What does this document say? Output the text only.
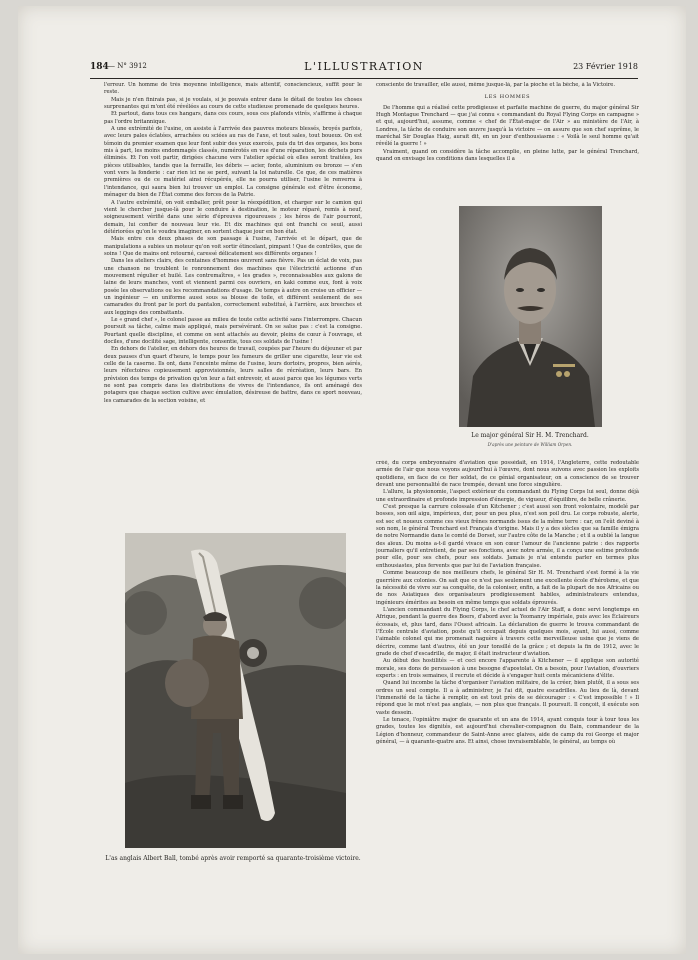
184 — N° 3912	L'ILLUSTRATION	23 Février 1918

l'erreur. Un homme de très moyenne intelligence, mais attentif, consciencieux, suffit pour le reste.

Mais je n'en finirais pas, si je voulais, si je pouvais entrer dans le détail de toutes les choses surprenantes qui m'ont été révélées au cours de cette studieuse promenade de quelques heures.

Et partout, dans tous ces hangars, dans ces cours, sous ces plafonds vitrés, s'affirme à chaque pas l'ordre britannique.

A une extrémité de l'usine, on assiste à l'arrivée des pauvres moteurs blessés, broyés parfois, avec leurs pales éclatées, arrachées ou sciées au ras de l'axe, et tout sales, tout boueux. On est témoin du premier examen que leur font subir des yeux exercés, puis du tri des organes, les bons mis à part, les moins endommagés classés, numérotés en vue d'une réparation, les déchets purs éliminés. Et l'on voit partir, dirigées chacune vers l'atelier spécial où elles seront traitées, les pièces utilisables, tandis que la ferraille, les débris — acier, fonte, aluminium ou bronze — s'en vont vers la fonderie : car rien ici ne se perd, suivant la loi naturelle. Ce que, de ces matières premières ou de ce matériel ainsi récupérés, elle ne pourra utiliser, l'usine le renverra à l'intendance, qui saura bien lui trouver un emploi. La consigne générale est d'être économe, ménager du bien de l'État comme des forces de la Patrie.

A l'autre extrémité, on voit emballer, prêt pour la réexpédition, et charger sur le camion qui vient le chercher jusque-là pour le conduire à destination, le moteur réparé, remis à neuf, soigneusement vérifié dans une série d'épreuves rigoureuses ; les héros de l'air pourront, demain, lui confier de nouveau leur vie. Et dix machines qui ont franchi ce seuil, aussi détériorées qu'on le voudra imaginer, en sortent chaque jour en bon état.

Mais entre ces deux phases de son passage à l'usine, l'arrivée et le départ, que de manipulations a subies un moteur qu'on voit sortir étincelant, pimpant ! Que de contrôles, que de soins ! Que de mains ont retourné, caressé délicatement ses différents organes !

Dans les ateliers clairs, des centaines d'hommes œuvrent sans fièvre. Pas un éclat de voix, pas une chanson ne troublent le ronronnement des machines que l'électricité actionne d'un mouvement régulier et huilé. Les contremaîtres, « les grades », reconnaissables aux galons de laine de leurs manches, vont et viennent parmi ces ouvriers, en kaki comme eux, font à voix posée les observations ou les recommandations d'usage. De temps à autre on croise un officier — un ingénieur — en uniforme aussi sous sa blouse de toile, et différent seulement de ses camarades du front par le port du pantalon, correctement substitué, à l'arrière, aux breeches et aux leggings des combattants.

Le « grand chef », le colonel passe au milieu de toute cette activité sans l'interrompre. Chacun poursuit sa tâche, calme mais appliqué, mais persévérant. On se salue pas : c'est la consigne. Pourtant quelle discipline, et comme on sent attachés au devoir, pleins de cœur à l'ouvrage, et dociles, d'une docilité sage, intelligente, consentie, tous ces soldats de l'usine !

En dehors de l'atelier, en dehors des heures de travail, coupées par l'heure du déjeuner et par deux pauses d'un quart d'heure, le temps pour les fumeurs de griller une cigarette, leur vie est celle de la caserne. Ils ont, dans l'enceinte même de l'usine, leurs dortoirs, propres, bien aérés, leurs réfectoires copieusement approvisionnés, leurs salles de récréation, leurs bars. En prévision des temps de privation qu'on leur a fait entrevoir, et aussi parce que les légumes verts ne sont pas compris dans les distributions de vivres de l'intendance, ils ont aménagé des potagers que chaque section cultive avec émulation, désireuse de battre, dans ce sport nouveau, les camarades de la section voisine, et

consciente de travailler, elle aussi, même jusque-là, par la pioche et la bêche, à la Victoire.

LES HOMMES

De l'homme qui a réalisé cette prodigieuse et parfaite machine de guerre, du major général Sir Hugh Montague Trenchard — que j'ai connu « commandant du Royal Flying Corps en campagne » et qui, aujourd'hui, assume, comme « chef de l'État-major de l'Air » au ministère de l'Air, à Londres, la tâche de conduire son œuvre jusqu'à la victoire — on assure que son chef suprême, le maréchal Sir Douglas Haig, aurait dit, en un jour d'enthousiasme : « Voilà le seul homme qu'ait révélé la guerre ! »

Vraiment, quand on considère la tâche accomplie, en pleine lutte, par le général Trenchard, quand on envisage les conditions dans lesquelles il a

Le major général Sir H. M. Trenchard.
D'après une peinture de William Orpen.

créé, du corps embryonnaire d'aviation que possédait, en 1914, l'Angleterre, cette redoutable armée de l'air que nous voyons aujourd'hui à l'œuvre, dont nous suivons avec passion les exploits quotidiens, en face de ce fier soldat, de ce génial organisateur, on a conscience de se trouver devant une personnalité de race trempée, devant une force singulière.

L'allure, la physionomie, l'aspect extérieur du commandant du Flying Corps lui seul, donne déjà une extraordinaire et profonde impression d'énergie, de vigueur, d'équilibre, de belle crânerie.

C'est presque la carrure colossale d'un Kitchener ; c'est aussi son front volontaire, modelé par bosses, son œil aigu, impérieux, dur, pour un peu plus, n'est son poil dru. Le corps robuste, alerte, est sec et noueux comme ces vieux frênes normands issus de la même terre : car, on l'eût deviné à son nom, le général Trenchard est Français d'origine. Mais il y a des siècles que sa famille émigra de notre Normandie dans le comté de Dorset, sur l'autre côte de la Manche ; et il a oublié la langue des aïeux. Du moins a-t-il gardé vivace en son cœur l'amour de l'ancienne patrie : des rapports journaliers qu'il entretient, de par ses fonctions, avec notre armée, il a conçu une estime profonde pour elle, pour ses chefs, pour ses soldats. Jamais je n'ai entendu parler en termes plus enthousiastes, plus fervents que par lui de l'aviation française.

Comme beaucoup de nos meilleurs chefs, le général Sir H. M. Trenchard s'est formé à la vie guerrière aux colonies. On sait que ce n'est pas seulement une excellente école d'héroïsme, et que la nécessité de vivre sur sa conquête, de la coloniser, enfin, a fait de la plupart de nos Africains ou de nos Asiatiques des organisateurs prodigieusement habiles, administrateurs entendus, ingénieurs émérites au besoin en même temps que soldats éprouvés.

L'ancien commandant du Flying Corps, le chef actuel de l'Air Staff, a donc servi longtemps en Afrique, pendant la guerre des Boers, d'abord avec la Yeomanry impériale, puis avec les Éclaireurs écossais, et, plus tard, dans l'Ouest africain. La déclaration de guerre le trouva commandant de l'École centrale d'aviation, poste qu'il occupait depuis quelques mois, ayant, lui aussi, comme l'aimable colonel qui me promenait naguère à travers cette merveilleuse usine que je viens de décrire, comme tant d'autres, été un jour tonsillé de la grâce ; et depuis la fin de 1912, avec le grade de chef d'escadrille, de major, il était instructeur d'aviation.

Au début des hostilités — et ceci encore l'apparente à Kitchener — il applique son autorité morale, ses dons de persuasion à une besogne d'apostolat. On a besoin, pour l'aviation, d'ouvriers experts : en trois semaines, il recrute et décide à s'engager huit cents mécaniciens d'élite.

Quand lui incombe la tâche d'organiser l'aviation militaire, de la créer, bien plutôt, il a sous ses ordres un seul compte. Il a à administrer, je l'ai dit, quatre escadrilles. Au lieu de là, devant l'immensité de la tâche à remplir, on est tout près de se décourager : « C'est impossible ! » Il répond que le mot n'est pas anglais, — non plus que français. Il poursuit. Il conçoit, il exécute son vaste dessein.

Le tenace, l'opiniâtre major de quarante et un ans de 1914, ayant conquis tour à tour tous les grades, toutes les dignités, est aujourd'hui chevalier-compagnon du Bain, commandeur de la Légion d'honneur, commandeur de Saint-Anne avec glaives, aide de camp du roi George et major général, — à quarante-quatre ans. Et ainsi, chose invraisemblable, le général, au temps où

L'as anglais Albert Ball, tombé après avoir remporté sa quarante-troisième victoire.
